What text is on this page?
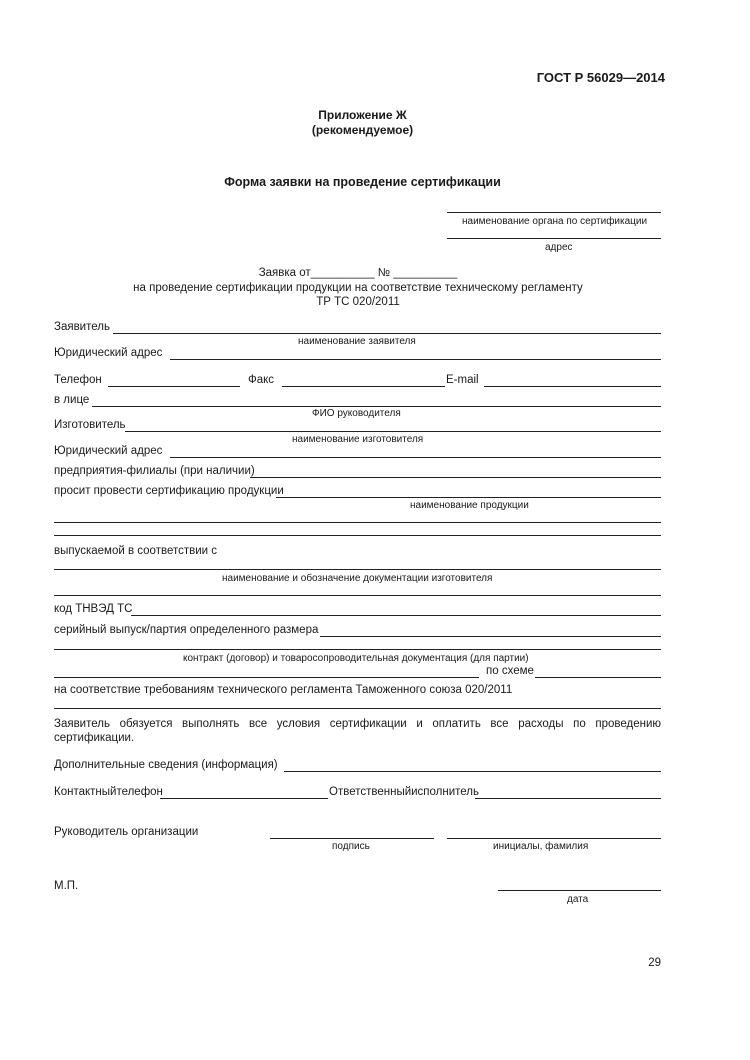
ГОСТ Р 56029—2014
Приложение Ж
(рекомендуемое)
Форма заявки на проведение сертификации
наименование органа по сертификации
адрес
Заявка от__________ № __________
на проведение сертификации продукции на соответствие техническому регламенту
ТР ТС 020/2011
Заявитель
наименование заявителя
Юридический адрес
Телефон	Факс	E-mail
в лице
ФИО руководителя
Изготовитель
наименование изготовителя
Юридический адрес
предприятия-филиалы (при наличии)
просит провести сертификацию продукции
наименование продукции
выпускаемой в соответствии с
наименование и обозначение документации изготовителя
код ТНВЭД ТС
серийный выпуск/партия определенного размера
контракт (договор) и товаросопроводительная документация (для партии)
по схеме
на соответствие требованиям технического регламента Таможенного союза 020/2011
Заявитель обязуется выполнять все условия сертификации и оплатить все расходы по проведению сертификации.
Дополнительные сведения (информация)
Контактныйтелефон	Ответственныйисполнитель
Руководитель организации
подпись	инициалы, фамилия
М.П.
дата
29
